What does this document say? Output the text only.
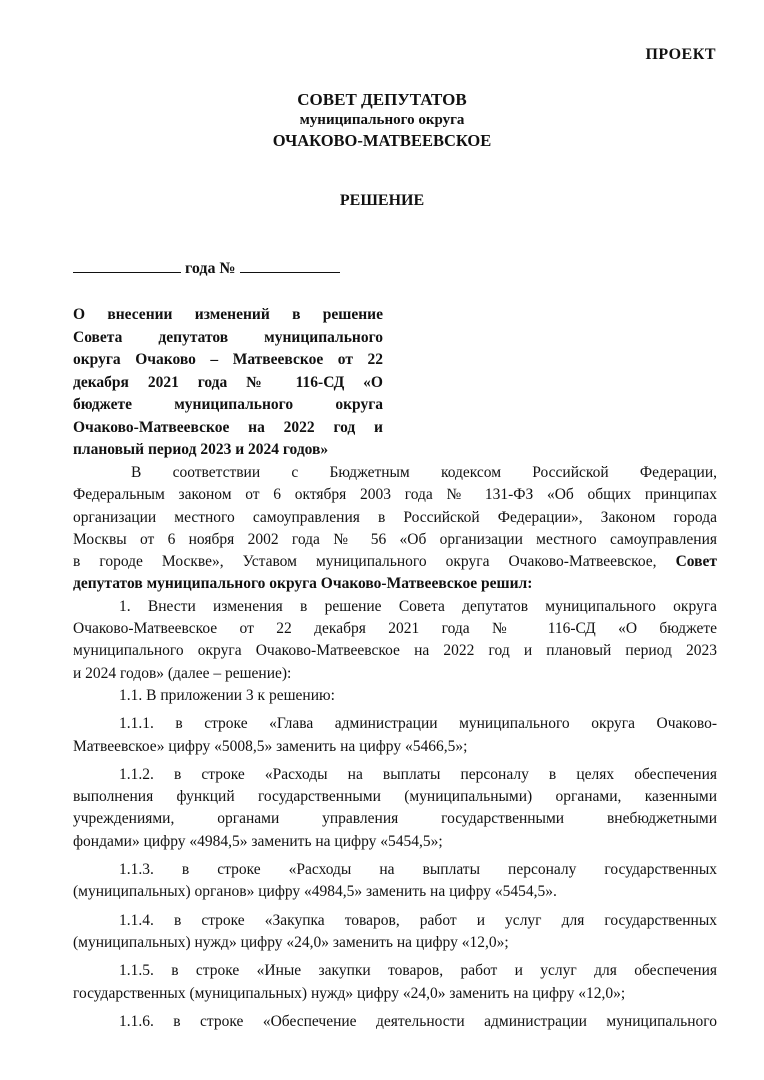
ПРОЕКТ
СОВЕТ ДЕПУТАТОВ
муниципального округа
ОЧАКОВО-МАТВЕЕВСКОЕ
РЕШЕНИЕ
года №
О внесении изменений в решение
Совета депутатов муниципального
округа Очаково – Матвеевское от 22
декабря 2021 года № 116-СД «О
бюджете муниципального округа
Очаково-Матвеевское на 2022 год и
плановый период 2023 и 2024 годов»
В соответствии с Бюджетным кодексом Российской Федерации,
Федеральным законом от 6 октября 2003 года № 131-ФЗ «Об общих принципах
организации местного самоуправления в Российской Федерации», Законом города
Москвы от 6 ноября 2002 года № 56 «Об организации местного самоуправления
в городе Москве», Уставом муниципального округа Очаково-Матвеевское, Совет
депутатов муниципального округа Очаково-Матвеевское решил:
1. Внести изменения в решение Совета депутатов муниципального округа
Очаково-Матвеевское от 22 декабря 2021 года № 116-СД «О бюджете
муниципального округа Очаково-Матвеевское на 2022 год и плановый период 2023
и 2024 годов» (далее – решение):
1.1. В приложении 3 к решению:
1.1.1. в строке «Глава администрации муниципального округа Очаково-
Матвеевское» цифру «5008,5» заменить на цифру «5466,5»;
1.1.2. в строке «Расходы на выплаты персоналу в целях обеспечения
выполнения функций государственными (муниципальными) органами, казенными
учреждениями, органами управления государственными внебюджетными
фондами» цифру «4984,5» заменить на цифру «5454,5»;
1.1.3. в строке «Расходы на выплаты персоналу государственных
(муниципальных) органов» цифру «4984,5» заменить на цифру «5454,5».
1.1.4. в строке «Закупка товаров, работ и услуг для государственных
(муниципальных) нужд» цифру «24,0» заменить на цифру «12,0»;
1.1.5. в строке «Иные закупки товаров, работ и услуг для обеспечения
государственных (муниципальных) нужд» цифру «24,0» заменить на цифру «12,0»;
1.1.6. в строке «Обеспечение деятельности администрации муниципального
